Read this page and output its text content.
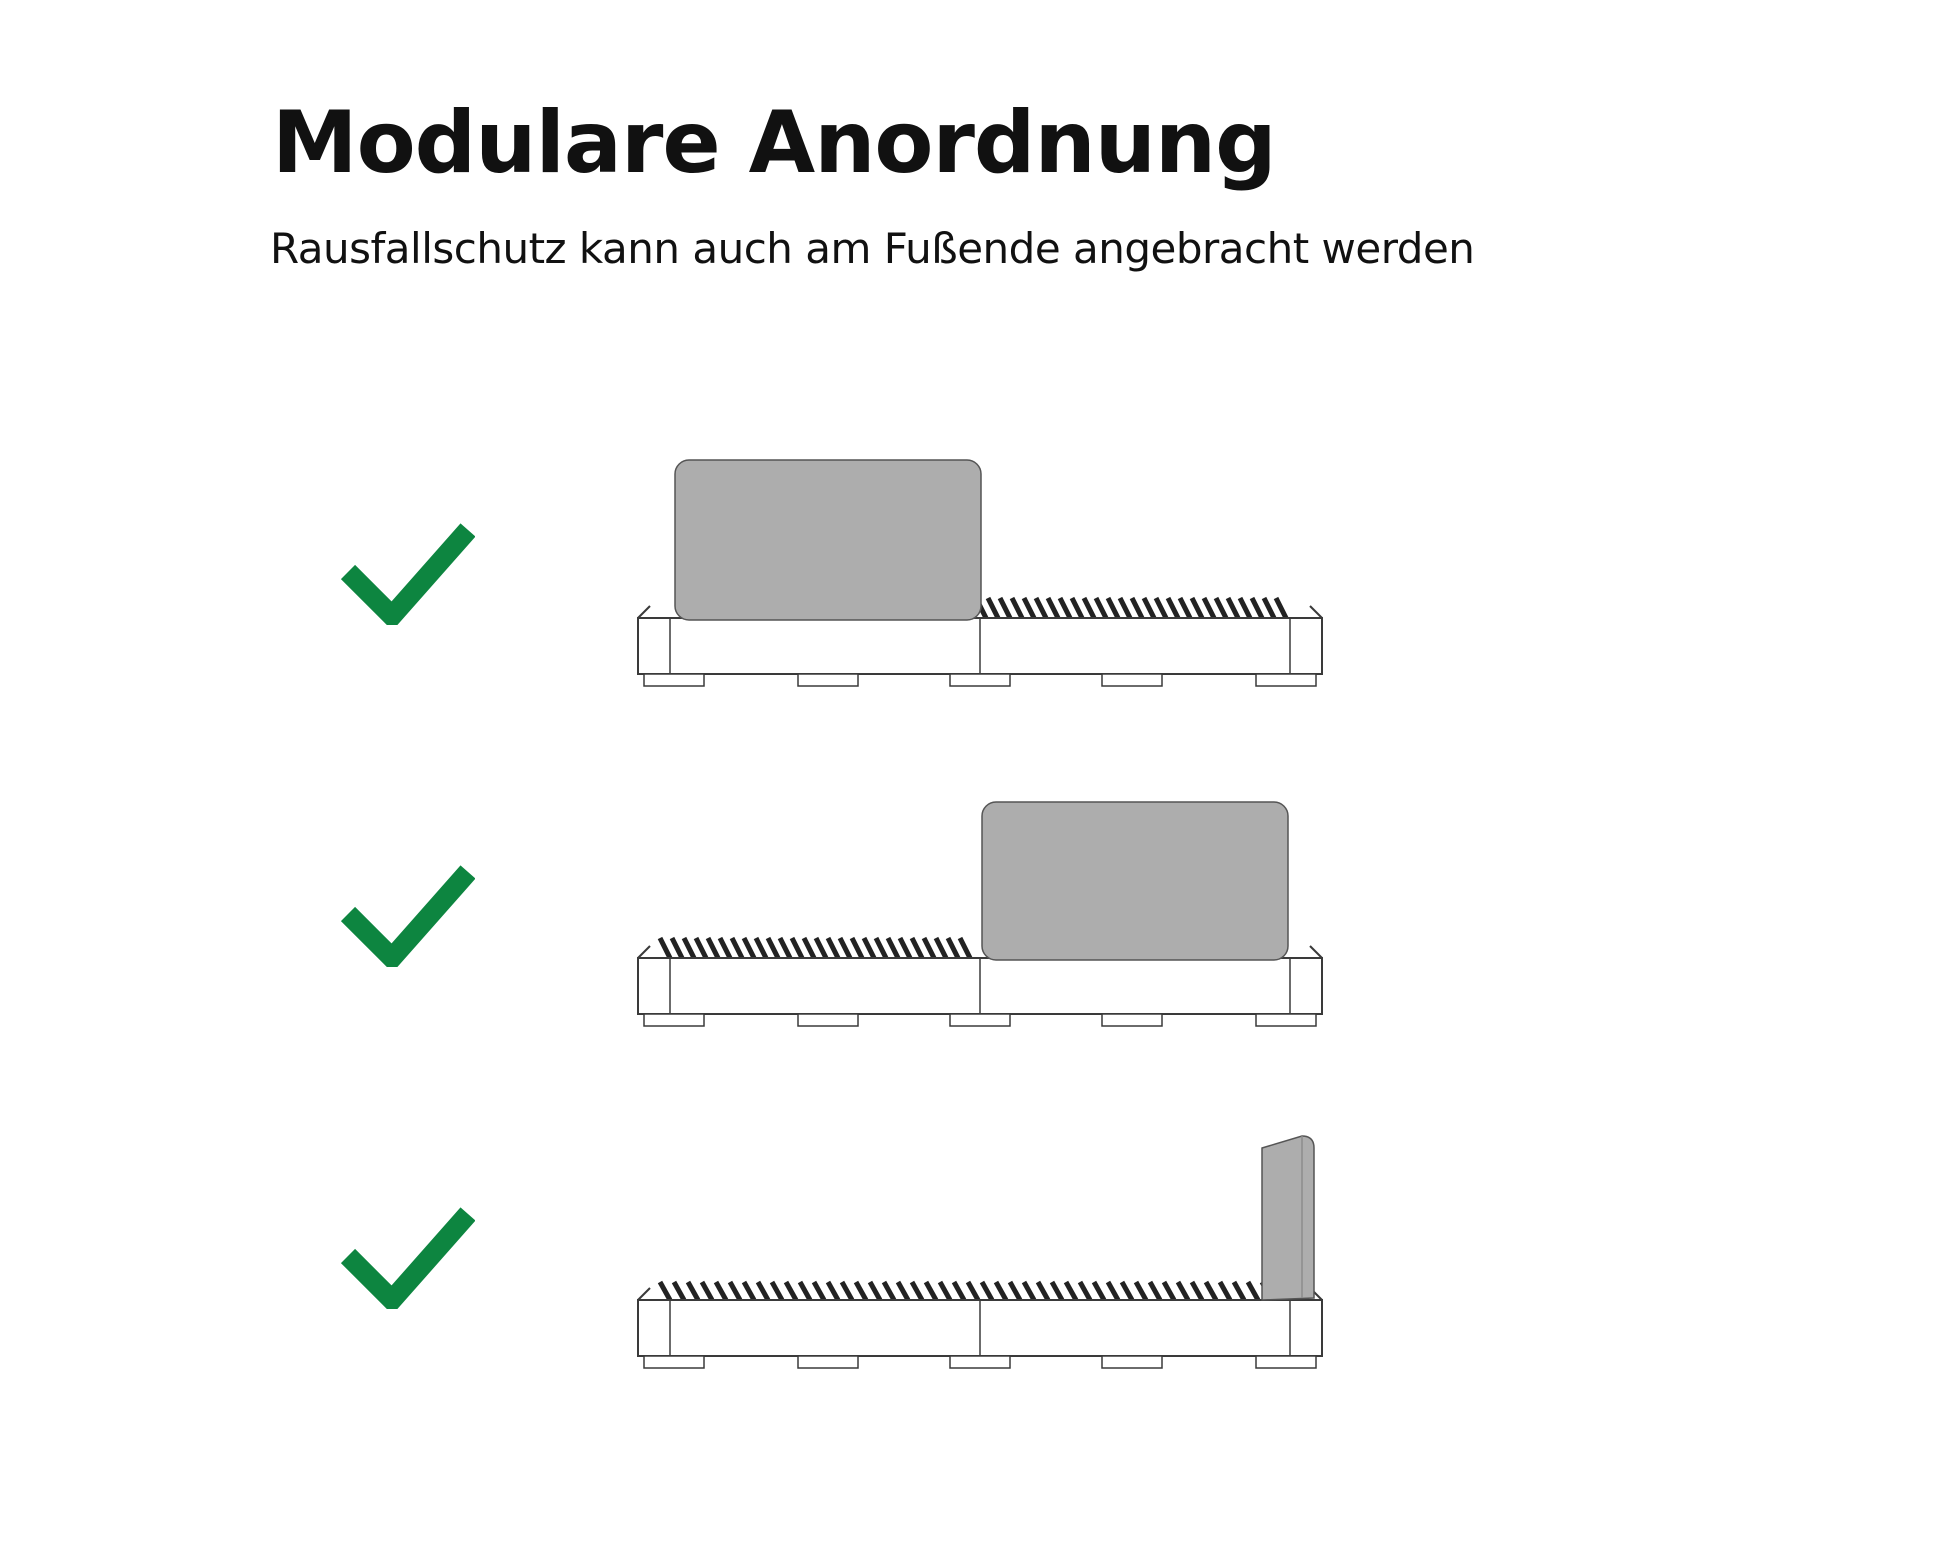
Modulare Anordnung

Rausfallschutz kann auch am Fußende angebracht werden
